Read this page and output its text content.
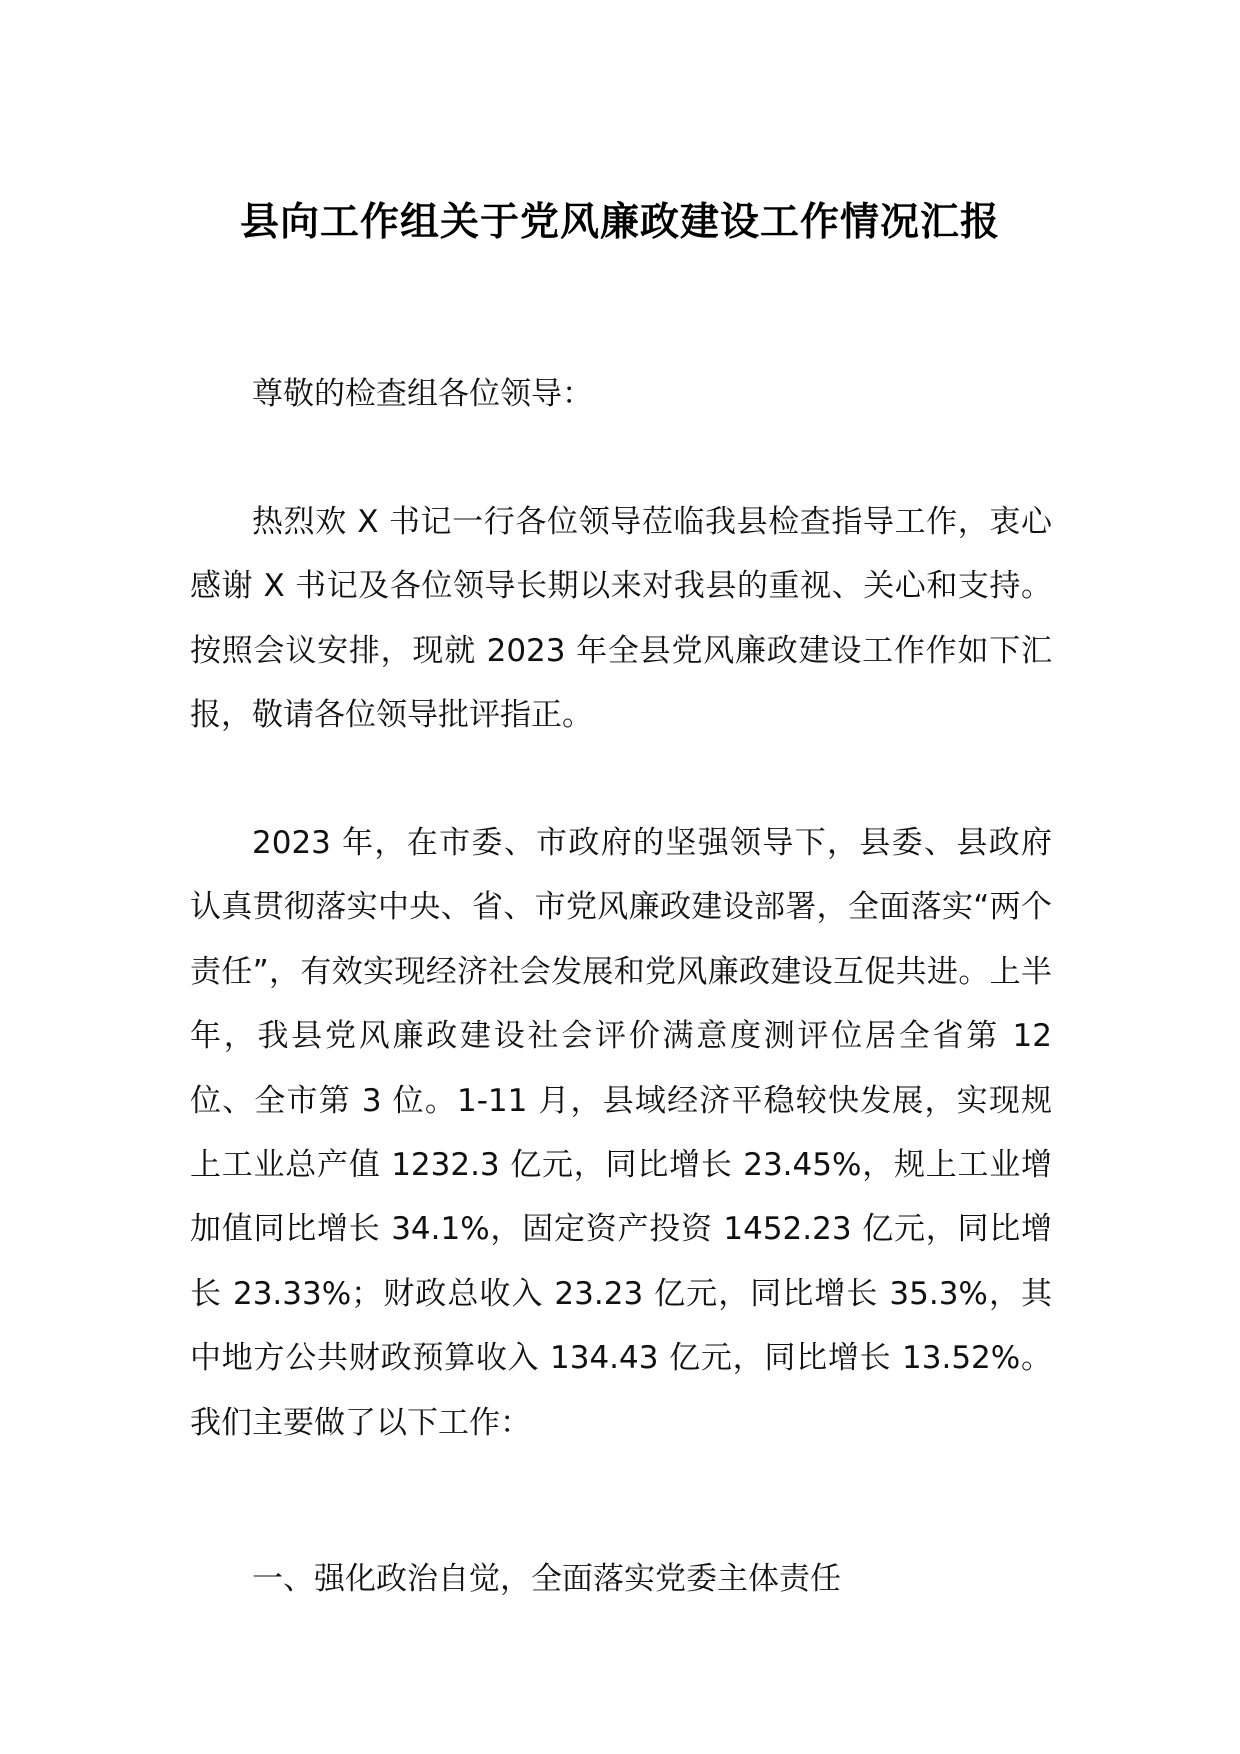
县向工作组关于党风廉政建设工作情况汇报

尊敬的检查组各位领导：

热烈欢 X 书记一行各位领导莅临我县检查指导工作，衷心感谢 X 书记及各位领导长期以来对我县的重视、关心和支持。按照会议安排，现就 2023 年全县党风廉政建设工作作如下汇报，敬请各位领导批评指正。

2023 年，在市委、市政府的坚强领导下，县委、县政府认真贯彻落实中央、省、市党风廉政建设部署，全面落实“两个责任”，有效实现经济社会发展和党风廉政建设互促共进。上半年，我县党风廉政建设社会评价满意度测评位居全省第 12 位、全市第 3 位。1-11 月，县域经济平稳较快发展，实现规上工业总产值 1232.3 亿元，同比增长 23.45%，规上工业增加值同比增长 34.1%，固定资产投资 1452.23 亿元，同比增长 23.33%；财政总收入 23.23 亿元，同比增长 35.3%，其中地方公共财政预算收入 134.43 亿元，同比增长 13.52%。我们主要做了以下工作：

一、强化政治自觉，全面落实党委主体责任
